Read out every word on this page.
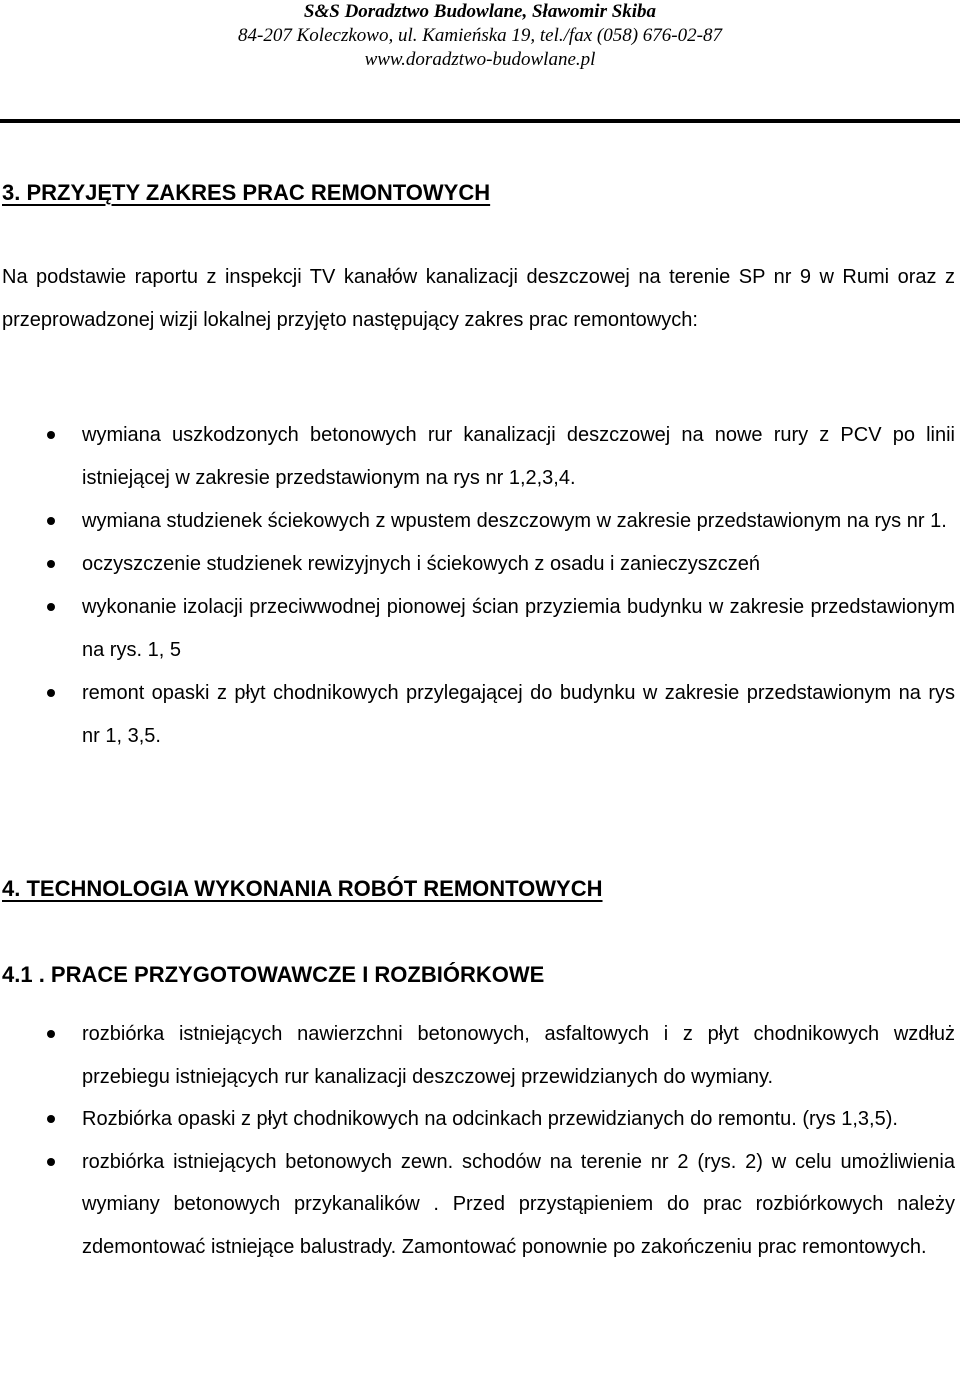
S&S Doradztwo Budowlane, Sławomir Skiba
84-207 Koleczkowo, ul. Kamieńska 19, tel./fax (058) 676-02-87
www.doradztwo-budowlane.pl
3. PRZYJĘTY ZAKRES PRAC REMONTOWYCH
Na podstawie raportu z inspekcji TV kanałów kanalizacji deszczowej na terenie SP nr 9 w Rumi oraz z przeprowadzonej wizji lokalnej przyjęto następujący zakres prac remontowych:
wymiana uszkodzonych betonowych rur kanalizacji deszczowej na nowe rury z PCV po linii istniejącej w zakresie przedstawionym na rys nr 1,2,3,4.
wymiana studzienek ściekowych z wpustem deszczowym w zakresie przedstawionym na rys nr 1.
oczyszczenie studzienek rewizyjnych i ściekowych z osadu i zanieczyszczeń
wykonanie izolacji przeciwwodnej pionowej ścian przyziemia budynku w zakresie przedstawionym na rys. 1, 5
remont opaski z płyt chodnikowych przylegającej do budynku w zakresie przedstawionym na rys nr 1, 3,5.
4. TECHNOLOGIA WYKONANIA ROBÓT REMONTOWYCH
4.1 . PRACE PRZYGOTOWAWCZE I ROZBIÓRKOWE
rozbiórka istniejących nawierzchni betonowych, asfaltowych i z płyt chodnikowych wzdłuż przebiegu istniejących rur kanalizacji deszczowej przewidzianych do wymiany.
Rozbiórka opaski z płyt chodnikowych na odcinkach przewidzianych do remontu. (rys 1,3,5).
rozbiórka istniejących betonowych zewn. schodów na terenie nr 2 (rys. 2) w celu umożliwienia wymiany betonowych przykanalików . Przed przystąpieniem do prac rozbiórkowych należy zdemontować istniejące balustrady. Zamontować ponownie po zakończeniu prac remontowych.
